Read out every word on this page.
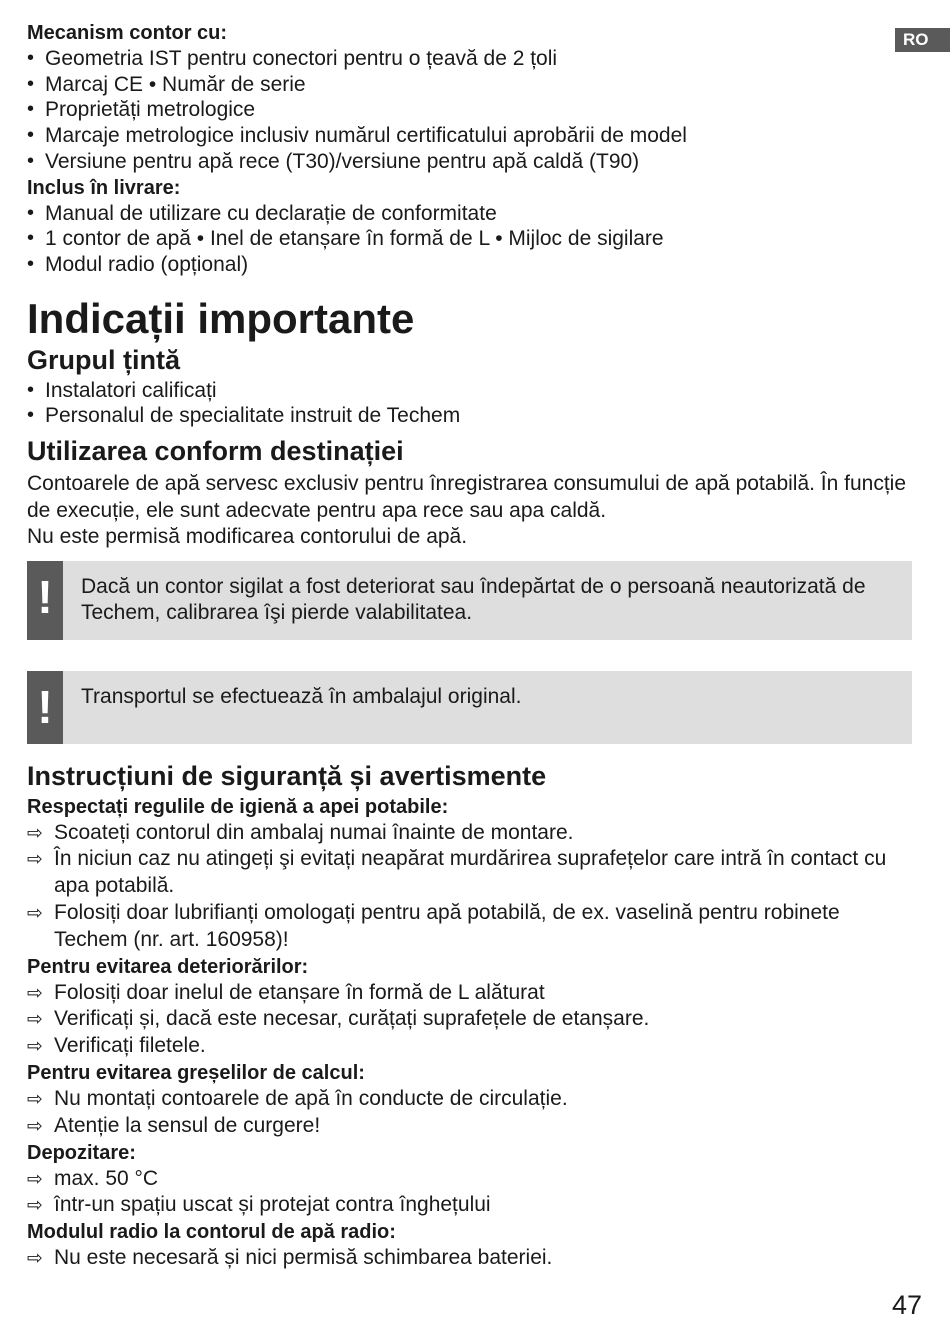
Mecanism contor cu:
• Geometria IST pentru conectori pentru o țeavă de 2 țoli
• Marcaj CE • Număr de serie
• Proprietăți metrologice
• Marcaje metrologice inclusiv numărul certificatului aprobării de model
• Versiune pentru apă rece (T30)/versiune pentru apă caldă (T90)
Inclus în livrare:
• Manual de utilizare cu declarație de conformitate
• 1 contor de apă • Inel de etanșare în formă de L • Mijloc de sigilare
• Modul radio (opțional)
Indicații importante
Grupul țintă
• Instalatori calificați
• Personalul de specialitate instruit de Techem
Utilizarea conform destinației

Contoarele de apă servesc exclusiv pentru înregistrarea consumului de apă potabilă. În funcție de execuție, ele sunt adecvate pentru apa rece sau apa caldă.

Nu este permisă modificarea contorului de apă.

!	Dacă un contor sigilat a fost deteriorat sau îndepărtat de o persoană neautorizată de Techem, calibrarea îşi pierde valabilitatea.
!	Transportul se efectuează în ambalajul original.
Instrucțiuni de siguranță și avertismente
Respectați regulile de igienă a apei potabile:
⇨ Scoateți contorul din ambalaj numai înainte de montare.
⇨ În niciun caz nu atingeți şi evitați neapărat murdărirea suprafețelor care intră în contact cu apa potabilă.
⇨ Folosiți doar lubrifianți omologați pentru apă potabilă, de ex. vaselină pentru robinete Techem (nr. art. 160958)!
Pentru evitarea deteriorărilor:
⇨ Folosiți doar inelul de etanșare în formă de L alăturat
⇨ Verificați și, dacă este necesar, curățați suprafețele de etanșare.
⇨ Verificați filetele.
Pentru evitarea greșelilor de calcul:
⇨ Nu montați contoarele de apă în conducte de circulație.
⇨ Atenție la sensul de curgere!
Depozitare:
⇨ max. 50 °C
⇨ într-un spațiu uscat și protejat contra înghețului
Modulul radio la contorul de apă radio:
⇨ Nu este necesară și nici permisă schimbarea bateriei.
RO
47
